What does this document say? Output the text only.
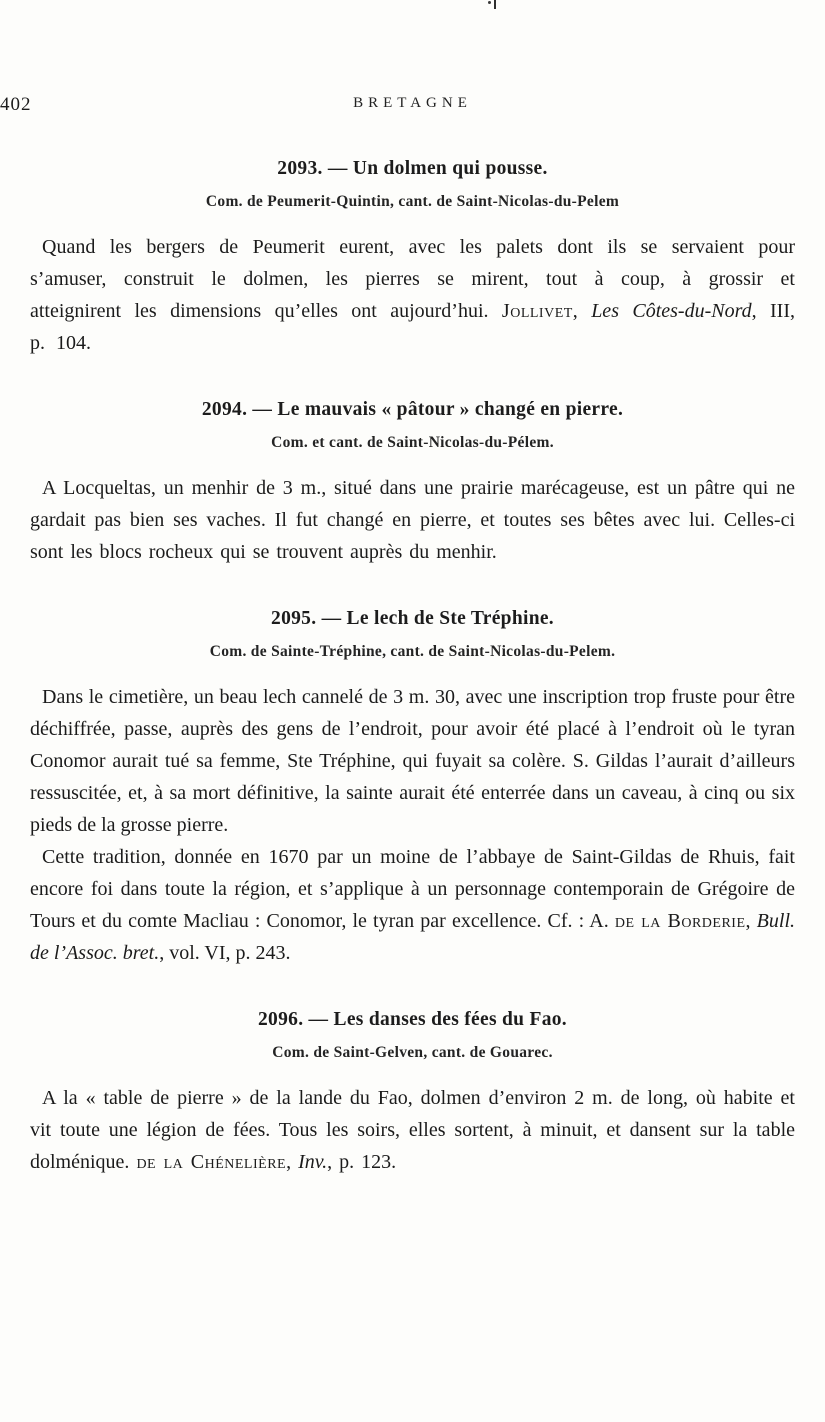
402	BRETAGNE
2093. — Un dolmen qui pousse.
Com. de Peumerit-Quintin, cant. de Saint-Nicolas-du-Pelem

Quand les bergers de Peumerit eurent, avec les palets dont ils se servaient pour s’amuser, construit le dolmen, les pierres se mirent, tout à coup, à grossir et atteignirent les dimensions qu’elles ont aujourd’hui. Jollivet, Les Côtes-du-Nord, III, p. 104.

2094. — Le mauvais « pâtour » changé en pierre.
Com. et cant. de Saint-Nicolas-du-Pélem.

A Locqueltas, un menhir de 3 m., situé dans une prairie marécageuse, est un pâtre qui ne gardait pas bien ses vaches. Il fut changé en pierre, et toutes ses bêtes avec lui. Celles-ci sont les blocs rocheux qui se trouvent auprès du menhir.

2095. — Le lech de Ste Tréphine.
Com. de Sainte-Tréphine, cant. de Saint-Nicolas-du-Pelem.

Dans le cimetière, un beau lech cannelé de 3 m. 30, avec une inscription trop fruste pour être déchiffrée, passe, auprès des gens de l’endroit, pour avoir été placé à l’endroit où le tyran Conomor aurait tué sa femme, Ste Tréphine, qui fuyait sa colère. S. Gildas l’aurait d’ailleurs ressuscitée, et, à sa mort définitive, la sainte aurait été enterrée dans un caveau, à cinq ou six pieds de la grosse pierre.

Cette tradition, donnée en 1670 par un moine de l’abbaye de Saint-Gildas de Rhuis, fait encore foi dans toute la région, et s’applique à un personnage contemporain de Grégoire de Tours et du comte Macliau : Conomor, le tyran par excellence. Cf. : A. de la Borderie, Bull. de l’Assoc. bret., vol. VI, p. 243.

2096. — Les danses des fées du Fao.
Com. de Saint-Gelven, cant. de Gouarec.

A la « table de pierre » de la lande du Fao, dolmen d’environ 2 m. de long, où habite et vit toute une légion de fées. Tous les soirs, elles sortent, à minuit, et dansent sur la table dolménique. de la Chénelière, Inv., p. 123.
